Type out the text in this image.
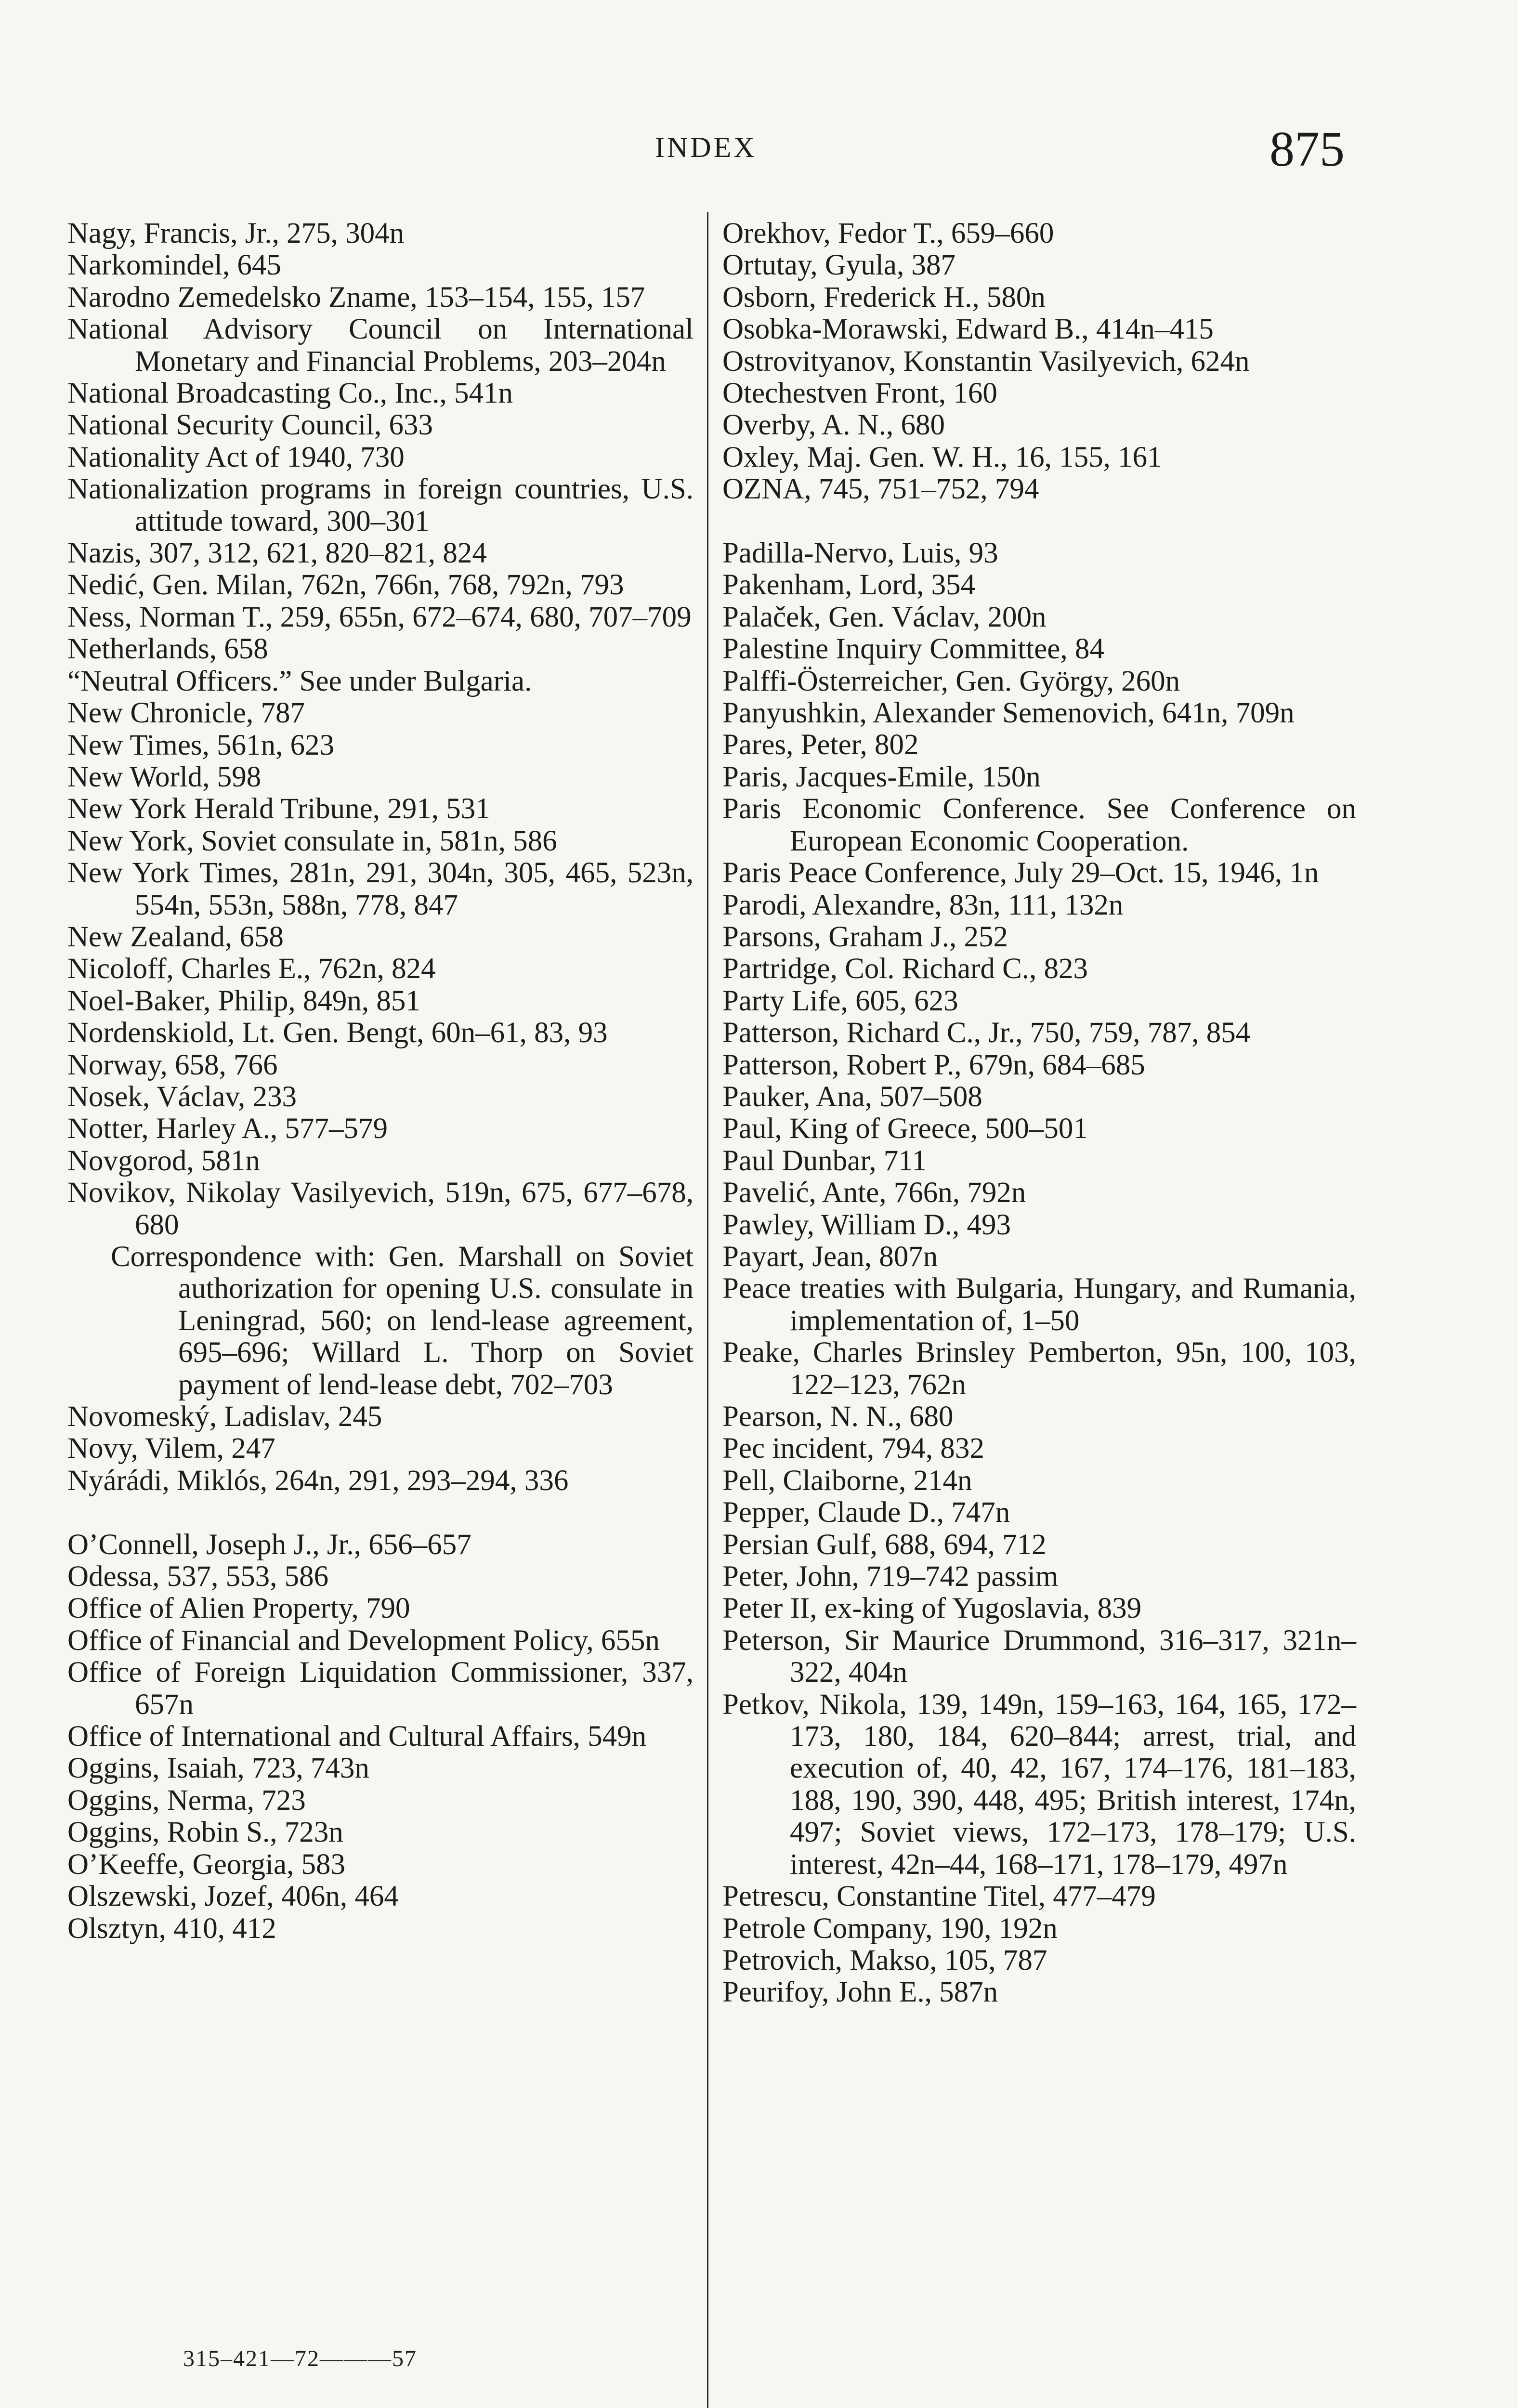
INDEX	875
Nagy, Francis, Jr., 275, 304n
Narkomindel, 645
Narodno Zemedelsko Zname, 153–154, 155, 157
National Advisory Council on International Monetary and Financial Problems, 203–204n
National Broadcasting Co., Inc., 541n
National Security Council, 633
Nationality Act of 1940, 730
Nationalization programs in foreign countries, U.S. attitude toward, 300–301
Nazis, 307, 312, 621, 820–821, 824
Nedić, Gen. Milan, 762n, 766n, 768, 792n, 793
Ness, Norman T., 259, 655n, 672–674, 680, 707–709
Netherlands, 658
“Neutral Officers.” See under Bulgaria.
New Chronicle, 787
New Times, 561n, 623
New World, 598
New York Herald Tribune, 291, 531
New York, Soviet consulate in, 581n, 586
New York Times, 281n, 291, 304n, 305, 465, 523n, 554n, 553n, 588n, 778, 847
New Zealand, 658
Nicoloff, Charles E., 762n, 824
Noel-Baker, Philip, 849n, 851
Nordenskiold, Lt. Gen. Bengt, 60n–61, 83, 93
Norway, 658, 766
Nosek, Václav, 233
Notter, Harley A., 577–579
Novgorod, 581n
Novikov, Nikolay Vasilyevich, 519n, 675, 677–678, 680
Correspondence with: Gen. Marshall on Soviet authorization for opening U.S. consulate in Leningrad, 560; on lend-lease agreement, 695–696; Willard L. Thorp on Soviet payment of lend-lease debt, 702–703
Novomeský, Ladislav, 245
Novy, Vilem, 247
Nyárádi, Miklós, 264n, 291, 293–294, 336
O’Connell, Joseph J., Jr., 656–657
Odessa, 537, 553, 586
Office of Alien Property, 790
Office of Financial and Development Policy, 655n
Office of Foreign Liquidation Commissioner, 337, 657n
Office of International and Cultural Affairs, 549n
Oggins, Isaiah, 723, 743n
Oggins, Nerma, 723
Oggins, Robin S., 723n
O’Keeffe, Georgia, 583
Olszewski, Jozef, 406n, 464
Olsztyn, 410, 412
Orekhov, Fedor T., 659–660
Ortutay, Gyula, 387
Osborn, Frederick H., 580n
Osobka-Morawski, Edward B., 414n–415
Ostrovityanov, Konstantin Vasilyevich, 624n
Otechestven Front, 160
Overby, A. N., 680
Oxley, Maj. Gen. W. H., 16, 155, 161
OZNA, 745, 751–752, 794
Padilla-Nervo, Luis, 93
Pakenham, Lord, 354
Palaček, Gen. Václav, 200n
Palestine Inquiry Committee, 84
Palffi-Österreicher, Gen. György, 260n
Panyushkin, Alexander Semenovich, 641n, 709n
Pares, Peter, 802
Paris, Jacques-Emile, 150n
Paris Economic Conference. See Conference on European Economic Cooperation.
Paris Peace Conference, July 29–Oct. 15, 1946, 1n
Parodi, Alexandre, 83n, 111, 132n
Parsons, Graham J., 252
Partridge, Col. Richard C., 823
Party Life, 605, 623
Patterson, Richard C., Jr., 750, 759, 787, 854
Patterson, Robert P., 679n, 684–685
Pauker, Ana, 507–508
Paul, King of Greece, 500–501
Paul Dunbar, 711
Pavelić, Ante, 766n, 792n
Pawley, William D., 493
Payart, Jean, 807n
Peace treaties with Bulgaria, Hungary, and Rumania, implementation of, 1–50
Peake, Charles Brinsley Pemberton, 95n, 100, 103, 122–123, 762n
Pearson, N. N., 680
Pec incident, 794, 832
Pell, Claiborne, 214n
Pepper, Claude D., 747n
Persian Gulf, 688, 694, 712
Peter, John, 719–742 passim
Peter II, ex-king of Yugoslavia, 839
Peterson, Sir Maurice Drummond, 316–317, 321n–322, 404n
Petkov, Nikola, 139, 149n, 159–163, 164, 165, 172–173, 180, 184, 620–844; arrest, trial, and execution of, 40, 42, 167, 174–176, 181–183, 188, 190, 390, 448, 495; British interest, 174n, 497; Soviet views, 172–173, 178–179; U.S. interest, 42n–44, 168–171, 178–179, 497n
Petrescu, Constantine Titel, 477–479
Petrole Company, 190, 192n
Petrovich, Makso, 105, 787
Peurifoy, John E., 587n
315–421—72———57
